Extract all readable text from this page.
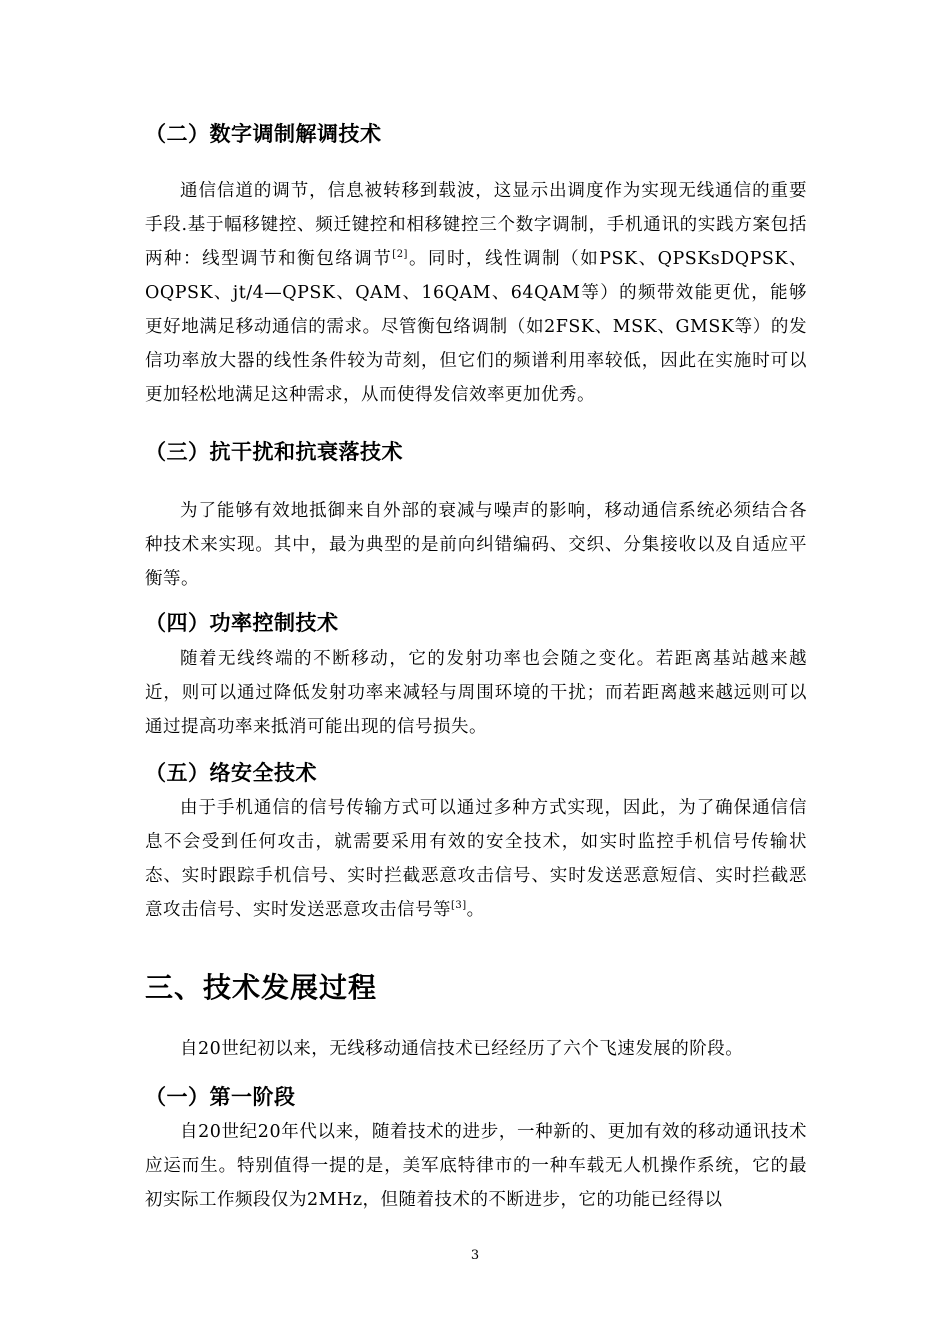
（二）数字调制解调技术
通信信道的调节，信息被转移到载波，这显示出调度作为实现无线通信的重要手段.基于幅移键控、频迁键控和相移键控三个数字调制，手机通讯的实践方案包括两种：线型调节和衡包络调节[2]。同时，线性调制（如PSK、QPSKsDQPSK、OQPSK、jt/4—QPSK、QAM、16QAM、64QAM等）的频带效能更优，能够更好地满足移动通信的需求。尽管衡包络调制（如2FSK、MSK、GMSK等）的发信功率放大器的线性条件较为苛刻，但它们的频谱利用率较低，因此在实施时可以更加轻松地满足这种需求，从而使得发信效率更加优秀。
（三）抗干扰和抗衰落技术
为了能够有效地抵御来自外部的衰减与噪声的影响，移动通信系统必须结合各种技术来实现。其中，最为典型的是前向纠错编码、交织、分集接收以及自适应平衡等。
（四）功率控制技术
随着无线终端的不断移动，它的发射功率也会随之变化。若距离基站越来越近，则可以通过降低发射功率来减轻与周围环境的干扰；而若距离越来越远则可以通过提高功率来抵消可能出现的信号损失。
（五）络安全技术
由于手机通信的信号传输方式可以通过多种方式实现，因此，为了确保通信信息不会受到任何攻击，就需要采用有效的安全技术，如实时监控手机信号传输状态、实时跟踪手机信号、实时拦截恶意攻击信号、实时发送恶意短信、实时拦截恶意攻击信号、实时发送恶意攻击信号等[3]。
三、技术发展过程
自20世纪初以来，无线移动通信技术已经经历了六个飞速发展的阶段。
（一）第一阶段
自20世纪20年代以来，随着技术的进步，一种新的、更加有效的移动通讯技术应运而生。特别值得一提的是，美军底特律市的一种车载无人机操作系统，它的最初实际工作频段仅为2MHz，但随着技术的不断进步，它的功能已经得以
3
